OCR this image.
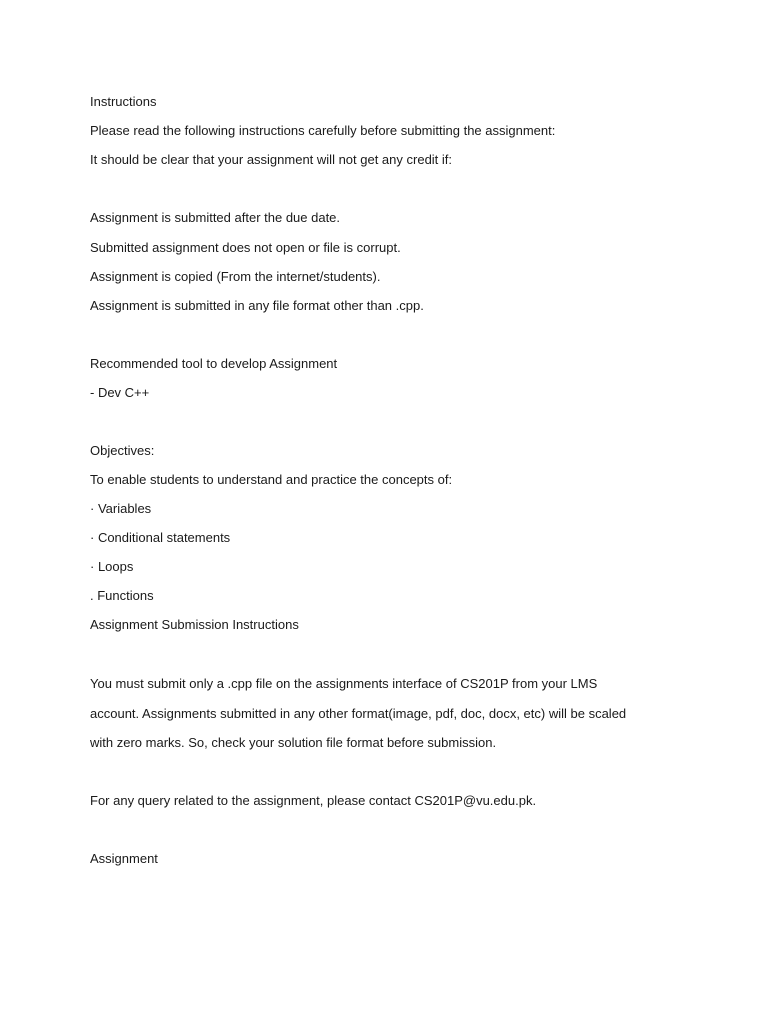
Instructions
Please read the following instructions carefully before submitting the assignment:
It should be clear that your assignment will not get any credit if:
Assignment is submitted after the due date.
Submitted assignment does not open or file is corrupt.
Assignment is copied (From the internet/students).
Assignment is submitted in any file format other than .cpp.
Recommended tool to develop Assignment
- Dev C++
Objectives:
To enable students to understand and practice the concepts of:
· Variables
· Conditional statements
· Loops
. Functions
Assignment Submission Instructions
You must submit only a .cpp file on the assignments interface of CS201P from your LMS
account. Assignments submitted in any other format(image, pdf, doc, docx, etc) will be scaled
with zero marks. So, check your solution file format before submission.
For any query related to the assignment, please contact CS201P@vu.edu.pk.
Assignment
